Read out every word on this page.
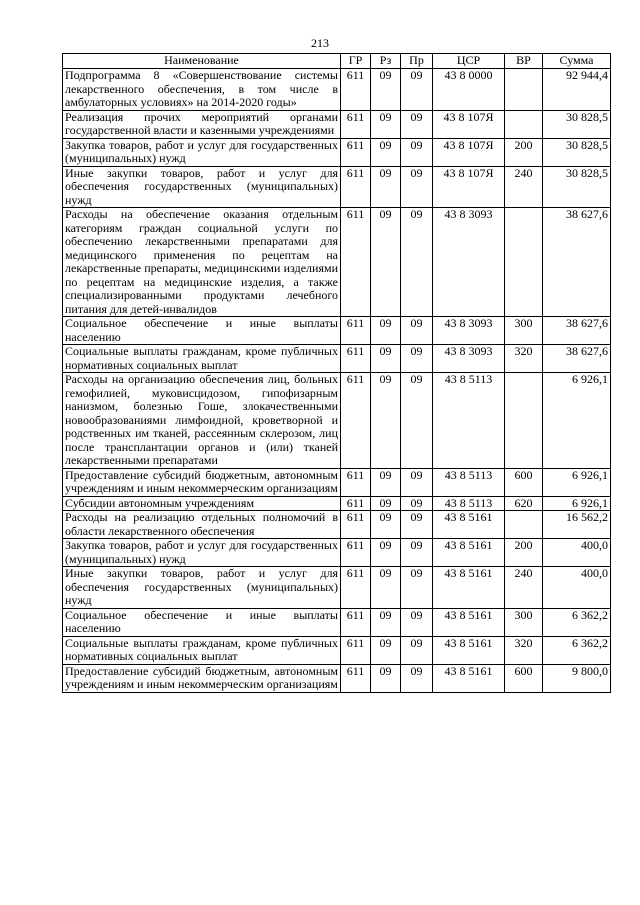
213
Наименование	ГР	Рз	Пр	ЦСР	ВР	Сумма
Подпрограмма 8 «Совершенствование системы лекарственного обеспечения, в том числе в амбулаторных условиях» на 2014-2020 годы»	611	09	09	43 8 0000		92 944,4
Реализация прочих мероприятий органами государственной власти и казенными учреждениями	611	09	09	43 8 107Я		30 828,5
Закупка товаров, работ и услуг для государственных (муниципальных) нужд	611	09	09	43 8 107Я	200	30 828,5
Иные закупки товаров, работ и услуг для обеспечения государственных (муниципальных) нужд	611	09	09	43 8 107Я	240	30 828,5
Расходы на обеспечение оказания отдельным категориям граждан социальной услуги по обеспечению лекарственными препаратами для медицинского применения по рецептам на лекарственные препараты, медицинскими изделиями по рецептам на медицинские изделия, а также специализированными продуктами лечебного питания для детей-инвалидов	611	09	09	43 8 3093		38 627,6
Социальное обеспечение и иные выплаты населению	611	09	09	43 8 3093	300	38 627,6
Социальные выплаты гражданам, кроме публичных нормативных социальных выплат	611	09	09	43 8 3093	320	38 627,6
Расходы на организацию обеспечения лиц, больных гемофилией, муковисцидозом, гипофизарным нанизмом, болезнью Гоше, злокачественными новообразованиями лимфоидной, кроветворной и родственных им тканей, рассеянным склерозом, лиц после трансплантации органов и (или) тканей лекарственными препаратами	611	09	09	43 8 5113		6 926,1
Предоставление субсидий бюджетным, автономным учреждениям и иным некоммерческим организациям	611	09	09	43 8 5113	600	6 926,1
Субсидии автономным учреждениям	611	09	09	43 8 5113	620	6 926,1
Расходы на реализацию отдельных полномочий в области лекарственного обеспечения	611	09	09	43 8 5161		16 562,2
Закупка товаров, работ и услуг для государственных (муниципальных) нужд	611	09	09	43 8 5161	200	400,0
Иные закупки товаров, работ и услуг для обеспечения государственных (муниципальных) нужд	611	09	09	43 8 5161	240	400,0
Социальное обеспечение и иные выплаты населению	611	09	09	43 8 5161	300	6 362,2
Социальные выплаты гражданам, кроме публичных нормативных социальных выплат	611	09	09	43 8 5161	320	6 362,2
Предоставление субсидий бюджетным, автономным учреждениям и иным некоммерческим организациям	611	09	09	43 8 5161	600	9 800,0
